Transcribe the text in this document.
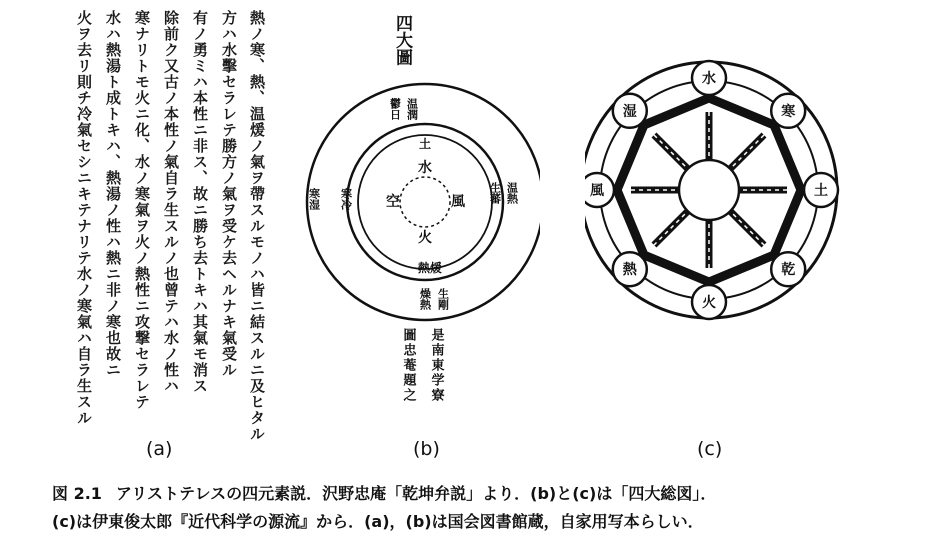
熱ノ寒、熱、温煖ノ氣ヲ帶スルモノハ皆ニ結スルニ及ヒタル
方ハ水擊セラレテ勝方ノ氣ヲ受ケ去ヘルナキ氣受ル
有ノ勇ミハ本性ニ非ス、故ニ勝ち去トキハ其氣モ消ス
除前ク又古ノ本性ノ氣自ラ生スルノ也曾テハ水ノ性ハ
寒ナリトモ火ニ化、水ノ寒氣ヲ火ノ熱性ニ攻撃セラレテ
水ハ熱湯ト成トキハ、熱湯ノ性ハ熱ニ非ノ寒也故ニ
火ヲ去リ則チ冷氣セシニキテナリテ水ノ寒氣ハ自ラ生スル	四大圖
温潤
鬱日
土
水
風
空
火
熱煖
生剛
燥熱
寒湿 寒冷	温熱
生蕃
是南東学寮
圖忠菴題之
水
寒
土
乾
火
熱
風
湿
(a)	(b)	(c)
図 2.1 アリストテレスの四元素説．沢野忠庵「乾坤弁説」より．(b)と(c)は「四大総図」．
(c)は伊東俊太郎『近代科学の源流』から．(a)，(b)は国会図書館蔵，自家用写本らしい．
